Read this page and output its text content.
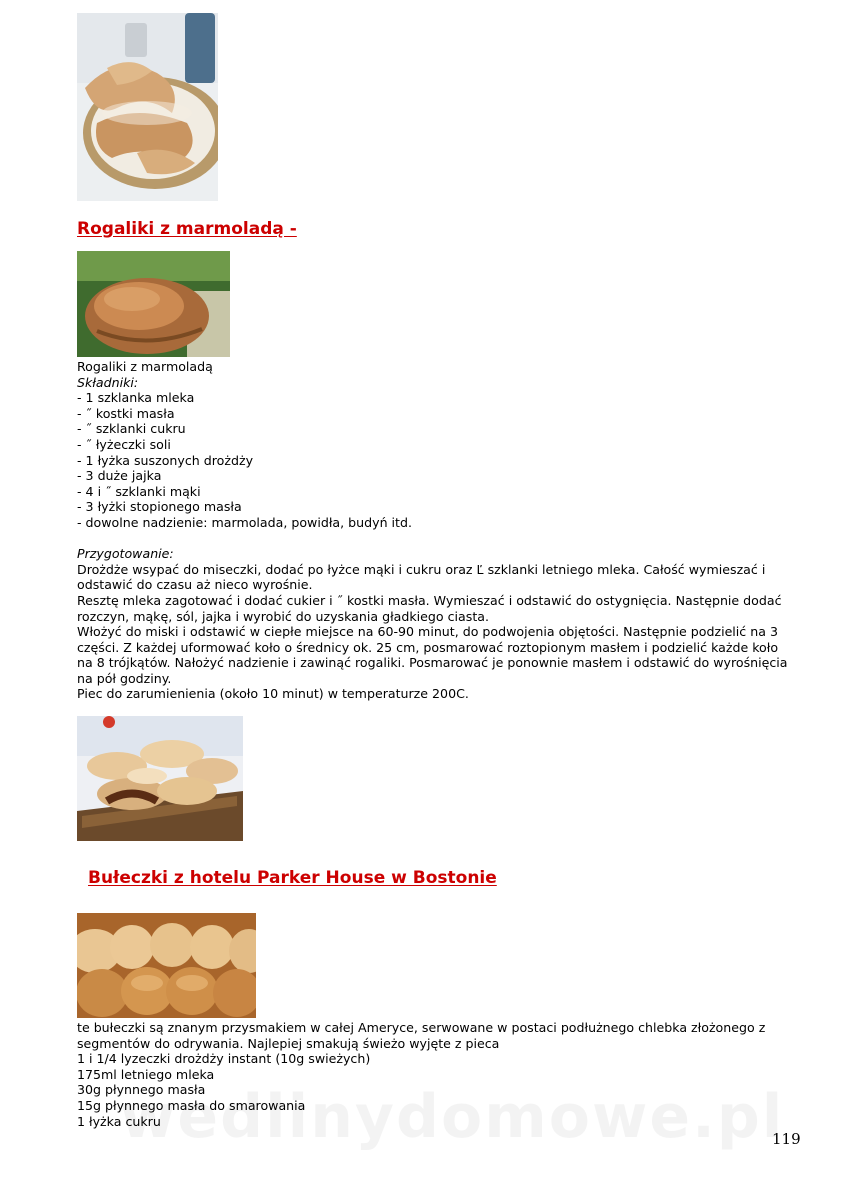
Rogaliki z marmoladą -
Rogaliki z marmoladą
Składniki:
- 1 szklanka mleka
- ˝ kostki masła
- ˝ szklanki cukru
- ˝ łyżeczki soli
- 1 łyżka suszonych drożdży
- 3 duże jajka
- 4 i ˝ szklanki mąki
- 3 łyżki stopionego masła
- dowolne nadzienie: marmolada, powidła, budyń itd.
Przygotowanie:
Drożdże wsypać do miseczki, dodać po łyżce mąki i cukru oraz Ľ szklanki letniego mleka. Całość wymieszać i odstawić do czasu aż nieco wyrośnie.
Resztę mleka zagotować i dodać cukier i ˝ kostki masła. Wymieszać i odstawić do ostygnięcia. Następnie dodać rozczyn, mąkę, sól, jajka i wyrobić do uzyskania gładkiego ciasta.
Włożyć do miski i odstawić w ciepłe miejsce na 60-90 minut, do podwojenia objętości. Następnie podzielić na 3 części. Z każdej uformować koło o średnicy ok. 25 cm, posmarować roztopionym masłem i podzielić każde koło na 8 trójkątów. Nałożyć nadzienie i zawinąć rogaliki. Posmarować je ponownie masłem i odstawić do wyrośnięcia na pół godziny.
Piec do zarumienienia (około 10 minut) w temperaturze 200C.
Bułeczki z hotelu Parker House w Bostonie
te bułeczki są znanym przysmakiem w całej Ameryce, serwowane w postaci podłużnego chlebka złożonego z segmentów do odrywania. Najlepiej smakują świeżo wyjęte z pieca
1 i 1/4 lyzeczki drożdży instant (10g swieżych)
175ml letniego mleka
30g płynnego masła
15g płynnego masła do smarowania
1 łyżka cukru
119
